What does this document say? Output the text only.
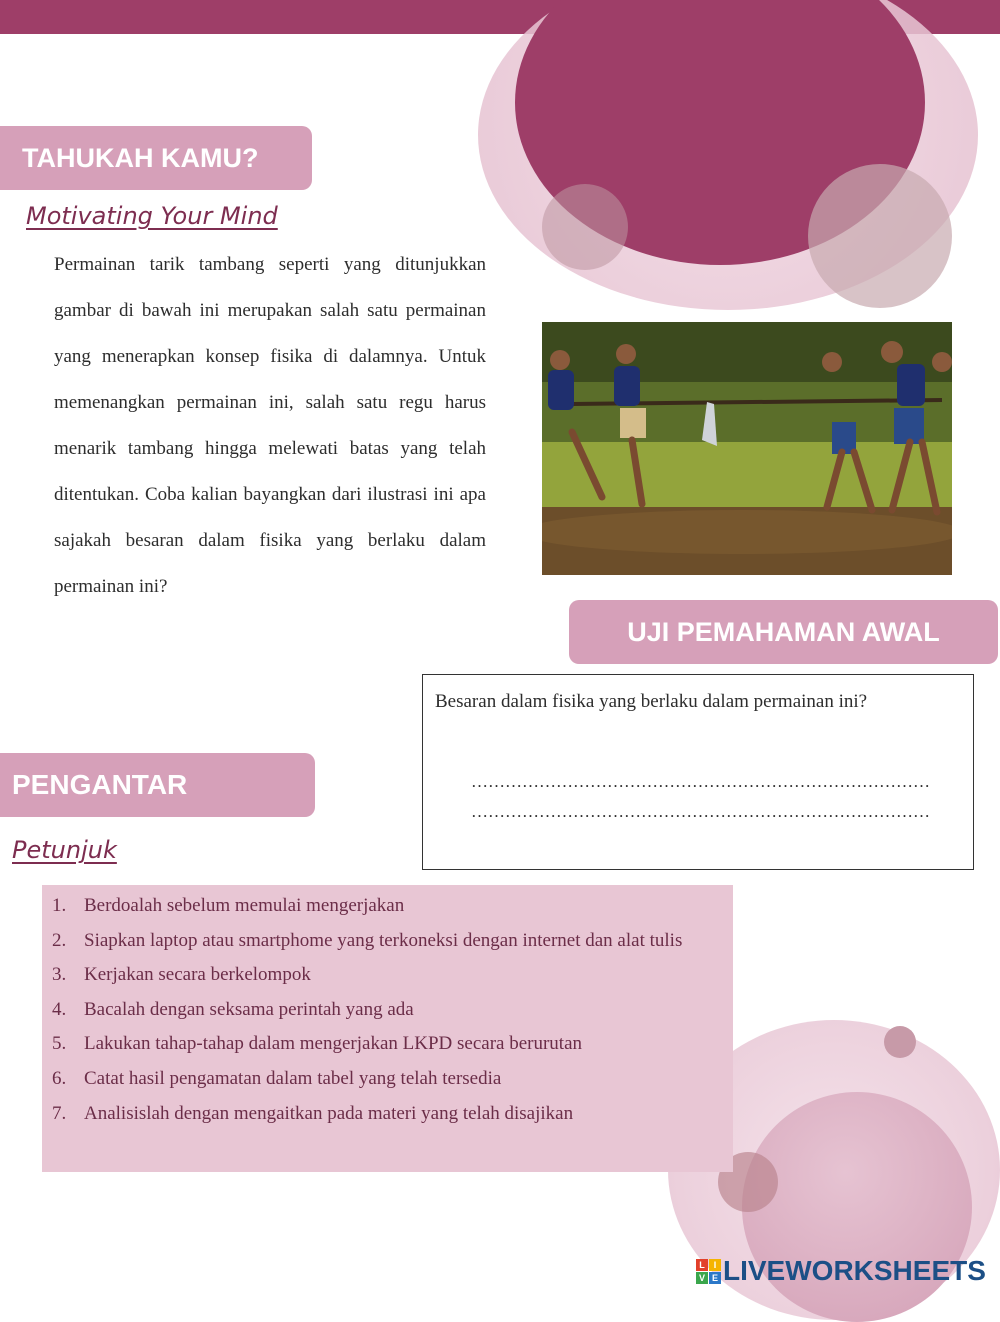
TAHUKAH KAMU?
Motivating Your Mind
Permainan tarik tambang seperti yang ditunjukkan gambar di bawah ini merupakan salah satu permainan yang menerapkan konsep fisika di dalamnya. Untuk memenangkan permainan ini, salah satu regu harus menarik tambang hingga melewati batas yang telah ditentukan. Coba kalian bayangkan dari ilustrasi ini apa sajakah besaran dalam fisika yang berlaku dalam permainan ini?
UJI PEMAHAMAN AWAL

Besaran dalam fisika yang berlaku dalam permainan ini?

………………………………………………………………………
………………………………………………………………………
PENGANTAR
Petunjuk
1. Berdoalah sebelum memulai mengerjakan
2. Siapkan laptop atau smartphome yang terkoneksi dengan internet dan alat tulis
3. Kerjakan secara berkelompok
4. Bacalah dengan seksama perintah yang ada
5. Lakukan tahap-tahap dalam mengerjakan LKPD secara berurutan
6. Catat hasil pengamatan dalam tabel yang telah tersedia
7. Analisislah dengan mengaitkan pada materi yang telah disajikan
L I
V E LIVEWORKSHEETS
